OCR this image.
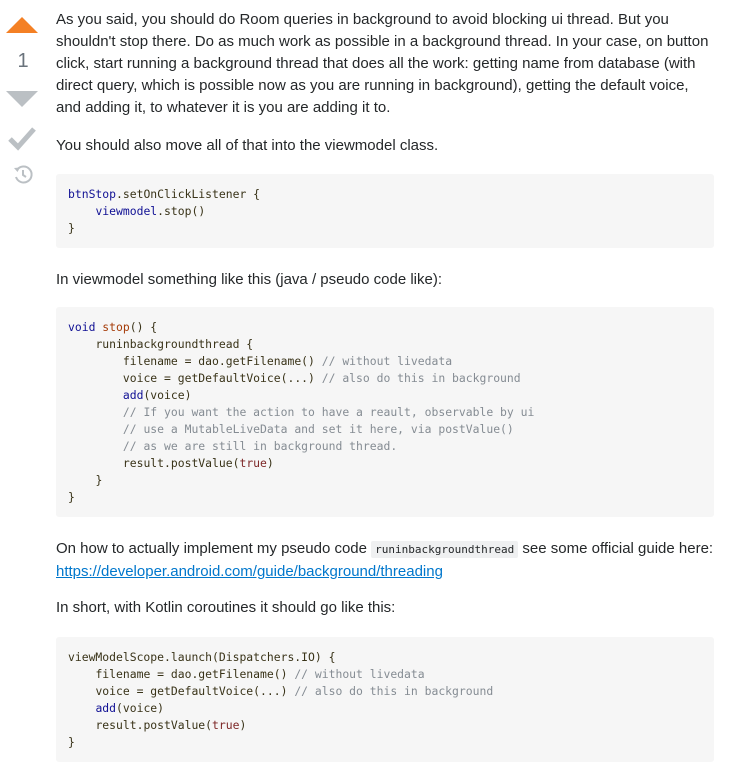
1

As you said, you should do Room queries in background to avoid blocking ui thread. But you shouldn't stop there. Do as much work as possible in a background thread. In your case, on button click, start running a background thread that does all the work: getting name from database (with direct query, which is possible now as you are running in background), getting the default voice, and adding it, to whatever it is you are adding it to.

You should also move all of that into the viewmodel class.

btnStop.setOnClickListener {
viewmodel.stop()
}

In viewmodel something like this (java / pseudo code like):

void stop() {
runinbackgroundthread {
filename = dao.getFilename() // without livedata
voice = getDefaultVoice(...) // also do this in background
add(voice)
// If you want the action to have a reault, observable by ui
// use a MutableLiveData and set it here, via postValue()
// as we are still in background thread.
result.postValue(true)
}
}

On how to actually implement my pseudo code runinbackgroundthread see some official guide here: https://developer.android.com/guide/background/threading

In short, with Kotlin coroutines it should go like this:

viewModelScope.launch(Dispatchers.IO) {
filename = dao.getFilename() // without livedata
voice = getDefaultVoice(...) // also do this in background
add(voice)
result.postValue(true)
}
